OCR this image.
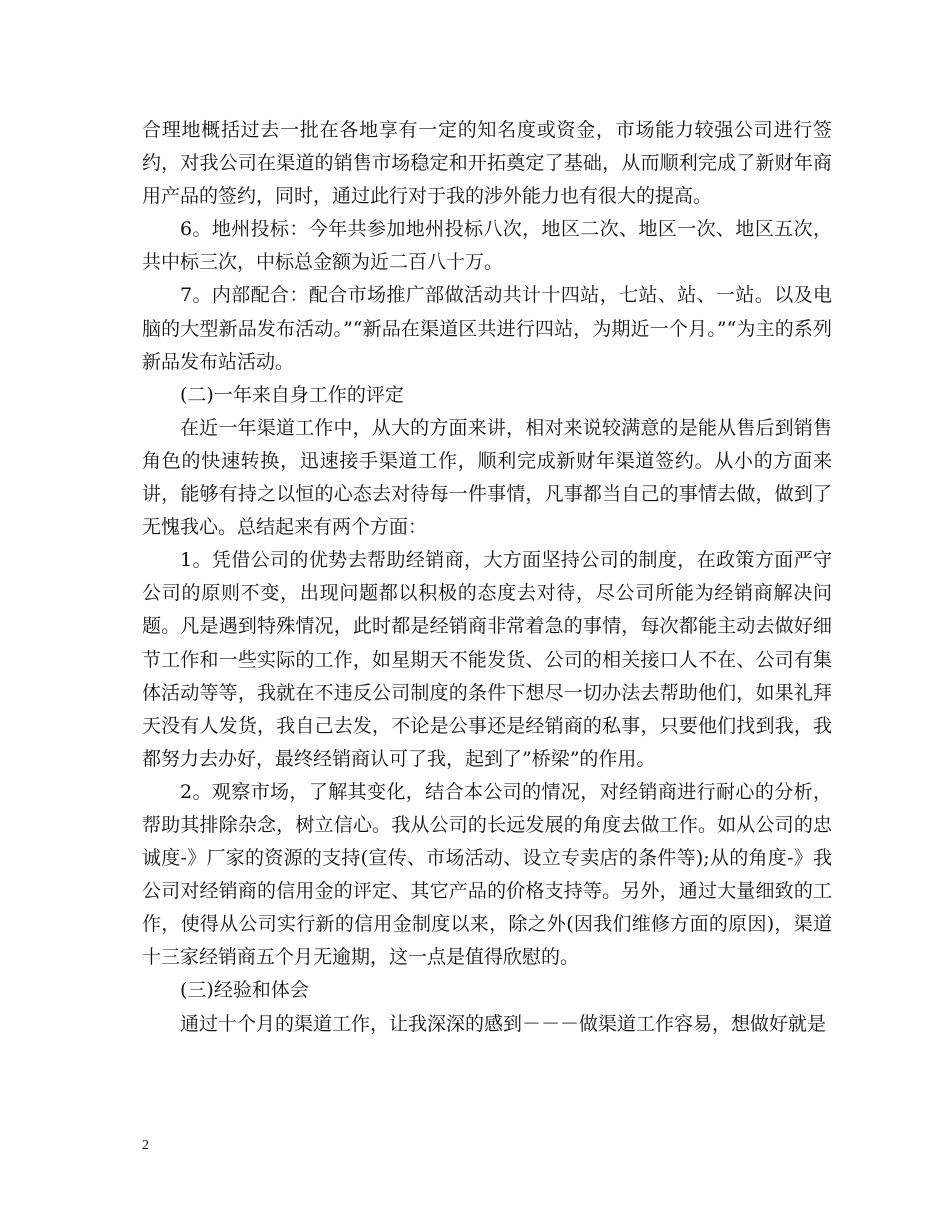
合理地概括过去一批在各地享有一定的知名度或资金，市场能力较强公司进行签约，对我公司在渠道的销售市场稳定和开拓奠定了基础，从而顺利完成了新财年商用产品的签约，同时，通过此行对于我的涉外能力也有很大的提高。

6。地州投标：今年共参加地州投标八次，地区二次、地区一次、地区五次，共中标三次，中标总金额为近二百八十万。

7。内部配合：配合市场推广部做活动共计十四站，七站、站、一站。以及电脑的大型新品发布活动。”“新品在渠道区共进行四站，为期近一个月。”“为主的系列新品发布站活动。

(二)一年来自身工作的评定

在近一年渠道工作中，从大的方面来讲，相对来说较满意的是能从售后到销售角色的快速转换，迅速接手渠道工作，顺利完成新财年渠道签约。从小的方面来讲，能够有持之以恒的心态去对待每一件事情，凡事都当自己的事情去做，做到了无愧我心。总结起来有两个方面：

1。凭借公司的优势去帮助经销商，大方面坚持公司的制度，在政策方面严守公司的原则不变，出现问题都以积极的态度去对待，尽公司所能为经销商解决问题。凡是遇到特殊情况，此时都是经销商非常着急的事情，每次都能主动去做好细节工作和一些实际的工作，如星期天不能发货、公司的相关接口人不在、公司有集体活动等等，我就在不违反公司制度的条件下想尽一切办法去帮助他们，如果礼拜天没有人发货，我自己去发，不论是公事还是经销商的私事，只要他们找到我，我都努力去办好，最终经销商认可了我，起到了”桥梁”的作用。

2。观察市场，了解其变化，结合本公司的情况，对经销商进行耐心的分析，帮助其排除杂念，树立信心。我从公司的长远发展的角度去做工作。如从公司的忠诚度-》厂家的资源的支持(宣传、市场活动、设立专卖店的条件等);从的角度-》我公司对经销商的信用金的评定、其它产品的价格支持等。另外，通过大量细致的工作，使得从公司实行新的信用金制度以来，除之外(因我们维修方面的原因)，渠道十三家经销商五个月无逾期，这一点是值得欣慰的。

(三)经验和体会

通过十个月的渠道工作，让我深深的感到－－－做渠道工作容易，想做好就是

2
